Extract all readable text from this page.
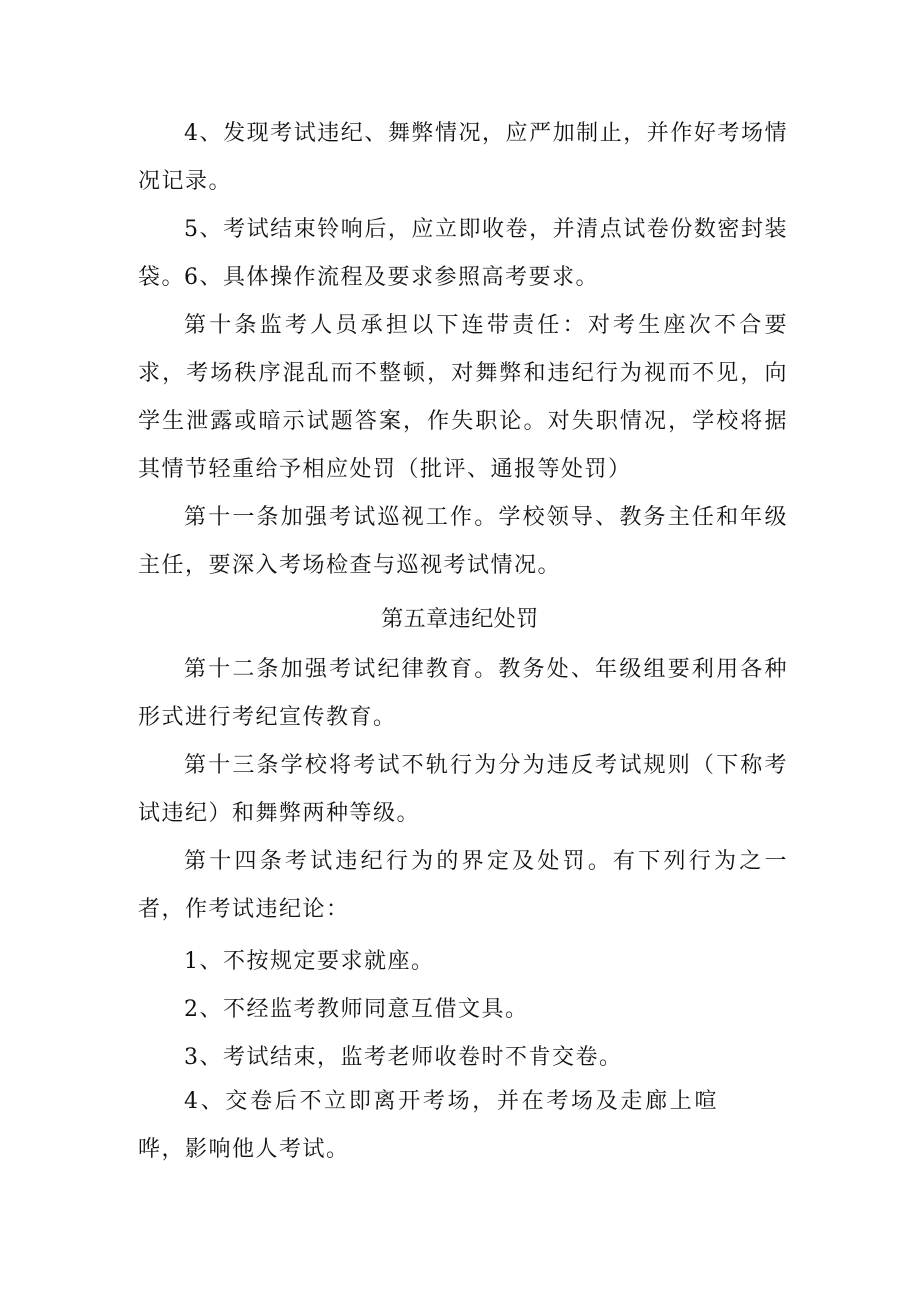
4、发现考试违纪、舞弊情况，应严加制止，并作好考场情况记录。
5、考试结束铃响后，应立即收卷，并清点试卷份数密封装袋。
6、具体操作流程及要求参照高考要求。
第十条监考人员承担以下连带责任：对考生座次不合要求，考场秩序混乱而不整顿，对舞弊和违纪行为视而不见，向学生泄露或暗示试题答案，作失职论。对失职情况，学校将据其情节轻重给予相应处罚（批评、通报等处罚）
第十一条加强考试巡视工作。学校领导、教务主任和年级主任，要深入考场检查与巡视考试情况。
第五章违纪处罚
第十二条加强考试纪律教育。教务处、年级组要利用各种形式进行考纪宣传教育。
第十三条学校将考试不轨行为分为违反考试规则（下称考试违纪）和舞弊两种等级。
第十四条考试违纪行为的界定及处罚。有下列行为之一者，作考试违纪论：
1、不按规定要求就座。
2、不经监考教师同意互借文具。
3、考试结束，监考老师收卷时不肯交卷。
4、交卷后不立即离开考场，并在考场及走廊上喧哗，影响他人考试。
